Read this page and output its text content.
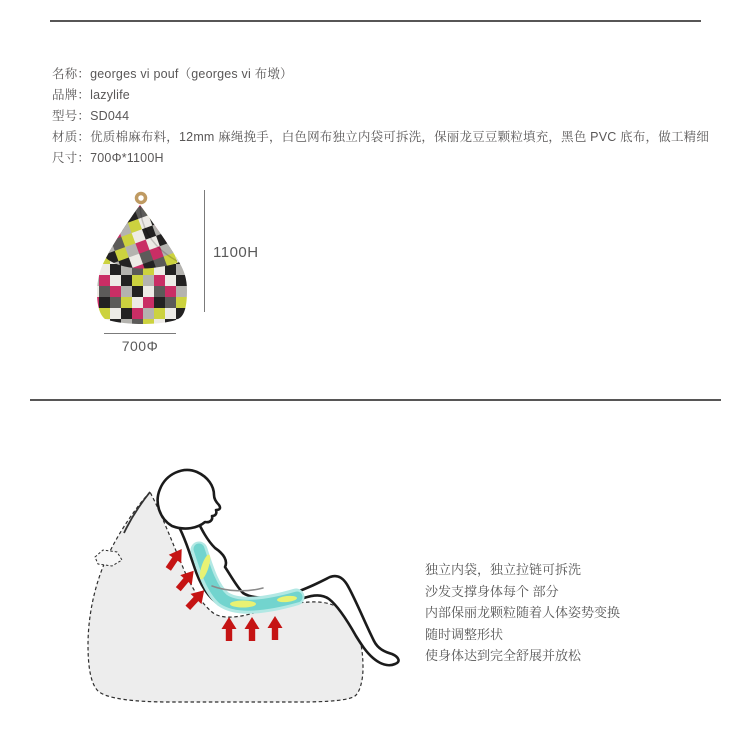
名称：georges vi pouf（georges vi 布墩）
品牌：lazylife
型号：SD044
材质：优质棉麻布料，12mm 麻绳挽手，白色网布独立内袋可拆洗，保丽龙豆豆颗粒填充，黑色 PVC 底布，做工精细
尺寸：700Φ*1100H
1100H
700Φ
独立内袋，独立拉链可拆洗
沙发支撑身体每个 部分
内部保丽龙颗粒随着人体姿势变换
随时调整形状
使身体达到完全舒展并放松
